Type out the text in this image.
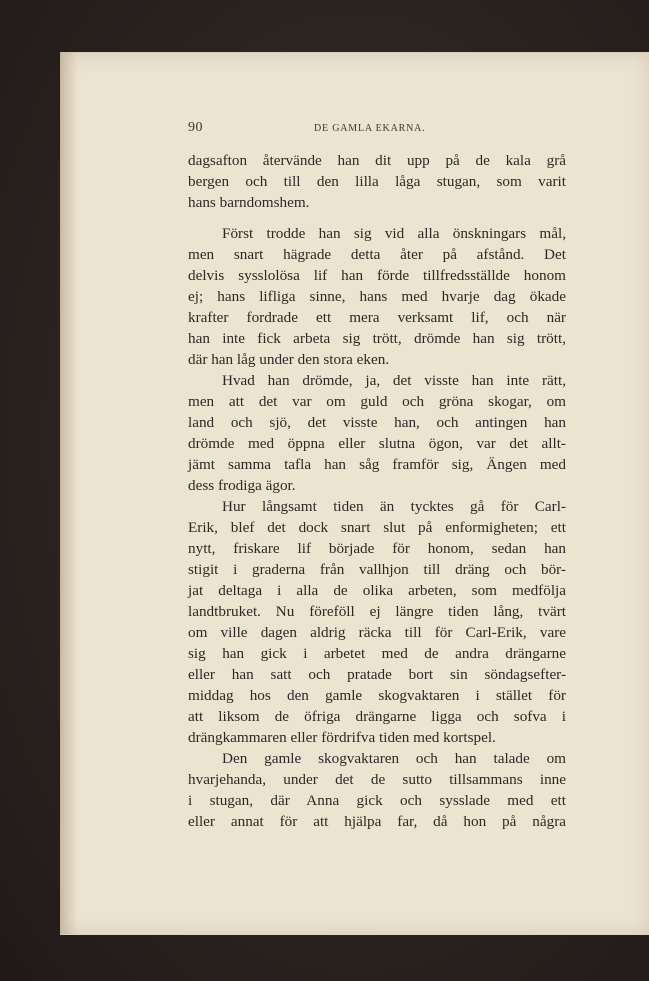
90	DE GAMLA EKARNA.
dagsafton återvände han dit upp på de kala grå
bergen och till den lilla låga stugan, som varit
hans barndomshem.
Först trodde han sig vid alla önskningars mål,
men snart hägrade detta åter på afstånd. Det
delvis sysslolösa lif han förde tillfredsställde honom
ej; hans lifliga sinne, hans med hvarje dag ökade
krafter fordrade ett mera verksamt lif, och när
han inte fick arbeta sig trött, drömde han sig trött,
där han låg under den stora eken.
Hvad han drömde, ja, det visste han inte rätt,
men att det var om guld och gröna skogar, om
land och sjö, det visste han, och antingen han
drömde med öppna eller slutna ögon, var det allt-
jämt samma tafla han såg framför sig, Ängen med
dess frodiga ägor.
Hur långsamt tiden än tycktes gå för Carl-
Erik, blef det dock snart slut på enformigheten; ett
nytt, friskare lif började för honom, sedan han
stigit i graderna från vallhjon till dräng och bör-
jat deltaga i alla de olika arbeten, som medfölja
landtbruket. Nu föreföll ej längre tiden lång, tvärt
om ville dagen aldrig räcka till för Carl-Erik, vare
sig han gick i arbetet med de andra drängarne
eller han satt och pratade bort sin söndagsefter-
middag hos den gamle skogvaktaren i stället för
att liksom de öfriga drängarne ligga och sofva i
drängkammaren eller fördrifva tiden med kortspel.
Den gamle skogvaktaren och han talade om
hvarjehanda, under det de sutto tillsammans inne
i stugan, där Anna gick och sysslade med ett
eller annat för att hjälpa far, då hon på några
